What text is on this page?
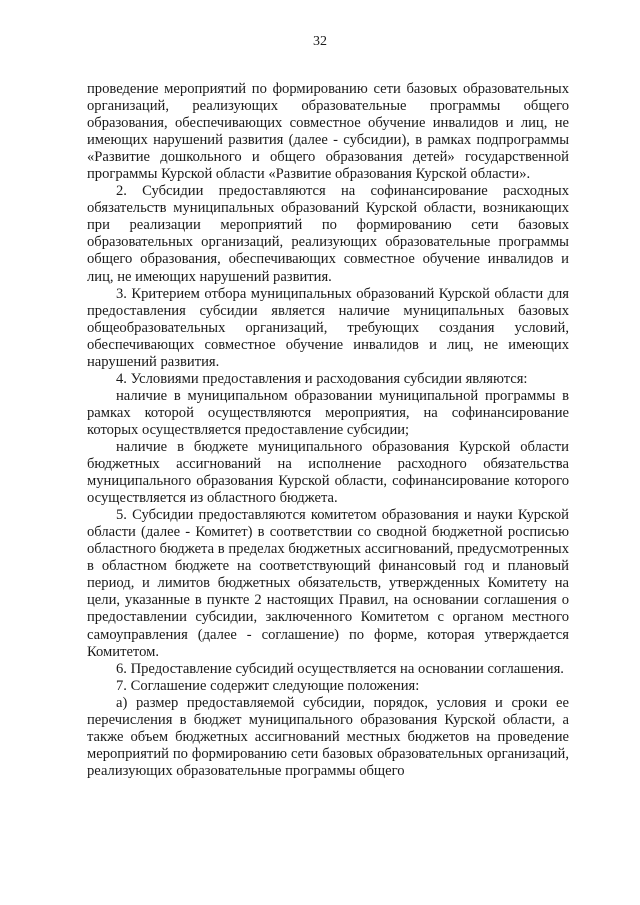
32

проведение мероприятий по формированию сети базовых образовательных организаций, реализующих образовательные программы общего образования, обеспечивающих совместное обучение инвалидов и лиц, не имеющих нарушений развития (далее - субсидии), в рамках подпрограммы «Развитие дошкольного и общего образования детей» государственной программы Курской области «Развитие образования Курской области».

2. Субсидии предоставляются на софинансирование расходных обязательств муниципальных образований Курской области, возникающих при реализации мероприятий по формированию сети базовых образовательных организаций, реализующих образовательные программы общего образования, обеспечивающих совместное обучение инвалидов и лиц, не имеющих нарушений развития.

3. Критерием отбора муниципальных образований Курской области для предоставления субсидии является наличие муниципальных базовых общеобразовательных организаций, требующих создания условий, обеспечивающих совместное обучение инвалидов и лиц, не имеющих нарушений развития.

4. Условиями предоставления и расходования субсидии являются:

наличие в муниципальном образовании муниципальной программы в рамках которой осуществляются мероприятия, на софинансирование которых осуществляется предоставление субсидии;

наличие в бюджете муниципального образования Курской области бюджетных ассигнований на исполнение расходного обязательства муниципального образования Курской области, софинансирование которого осуществляется из областного бюджета.

5. Субсидии предоставляются комитетом образования и науки Курской области (далее - Комитет) в соответствии со сводной бюджетной росписью областного бюджета в пределах бюджетных ассигнований, предусмотренных в областном бюджете на соответствующий финансовый год и плановый период, и лимитов бюджетных обязательств, утвержденных Комитету на цели, указанные в пункте 2 настоящих Правил, на основании соглашения о предоставлении субсидии, заключенного Комитетом с органом местного самоуправления (далее - соглашение) по форме, которая утверждается Комитетом.

6. Предоставление субсидий осуществляется на основании соглашения.

7. Соглашение содержит следующие положения:

а) размер предоставляемой субсидии, порядок, условия и сроки ее перечисления в бюджет муниципального образования Курской области, а также объем бюджетных ассигнований местных бюджетов на проведение мероприятий по формированию сети базовых образовательных организаций, реализующих образовательные программы общего
